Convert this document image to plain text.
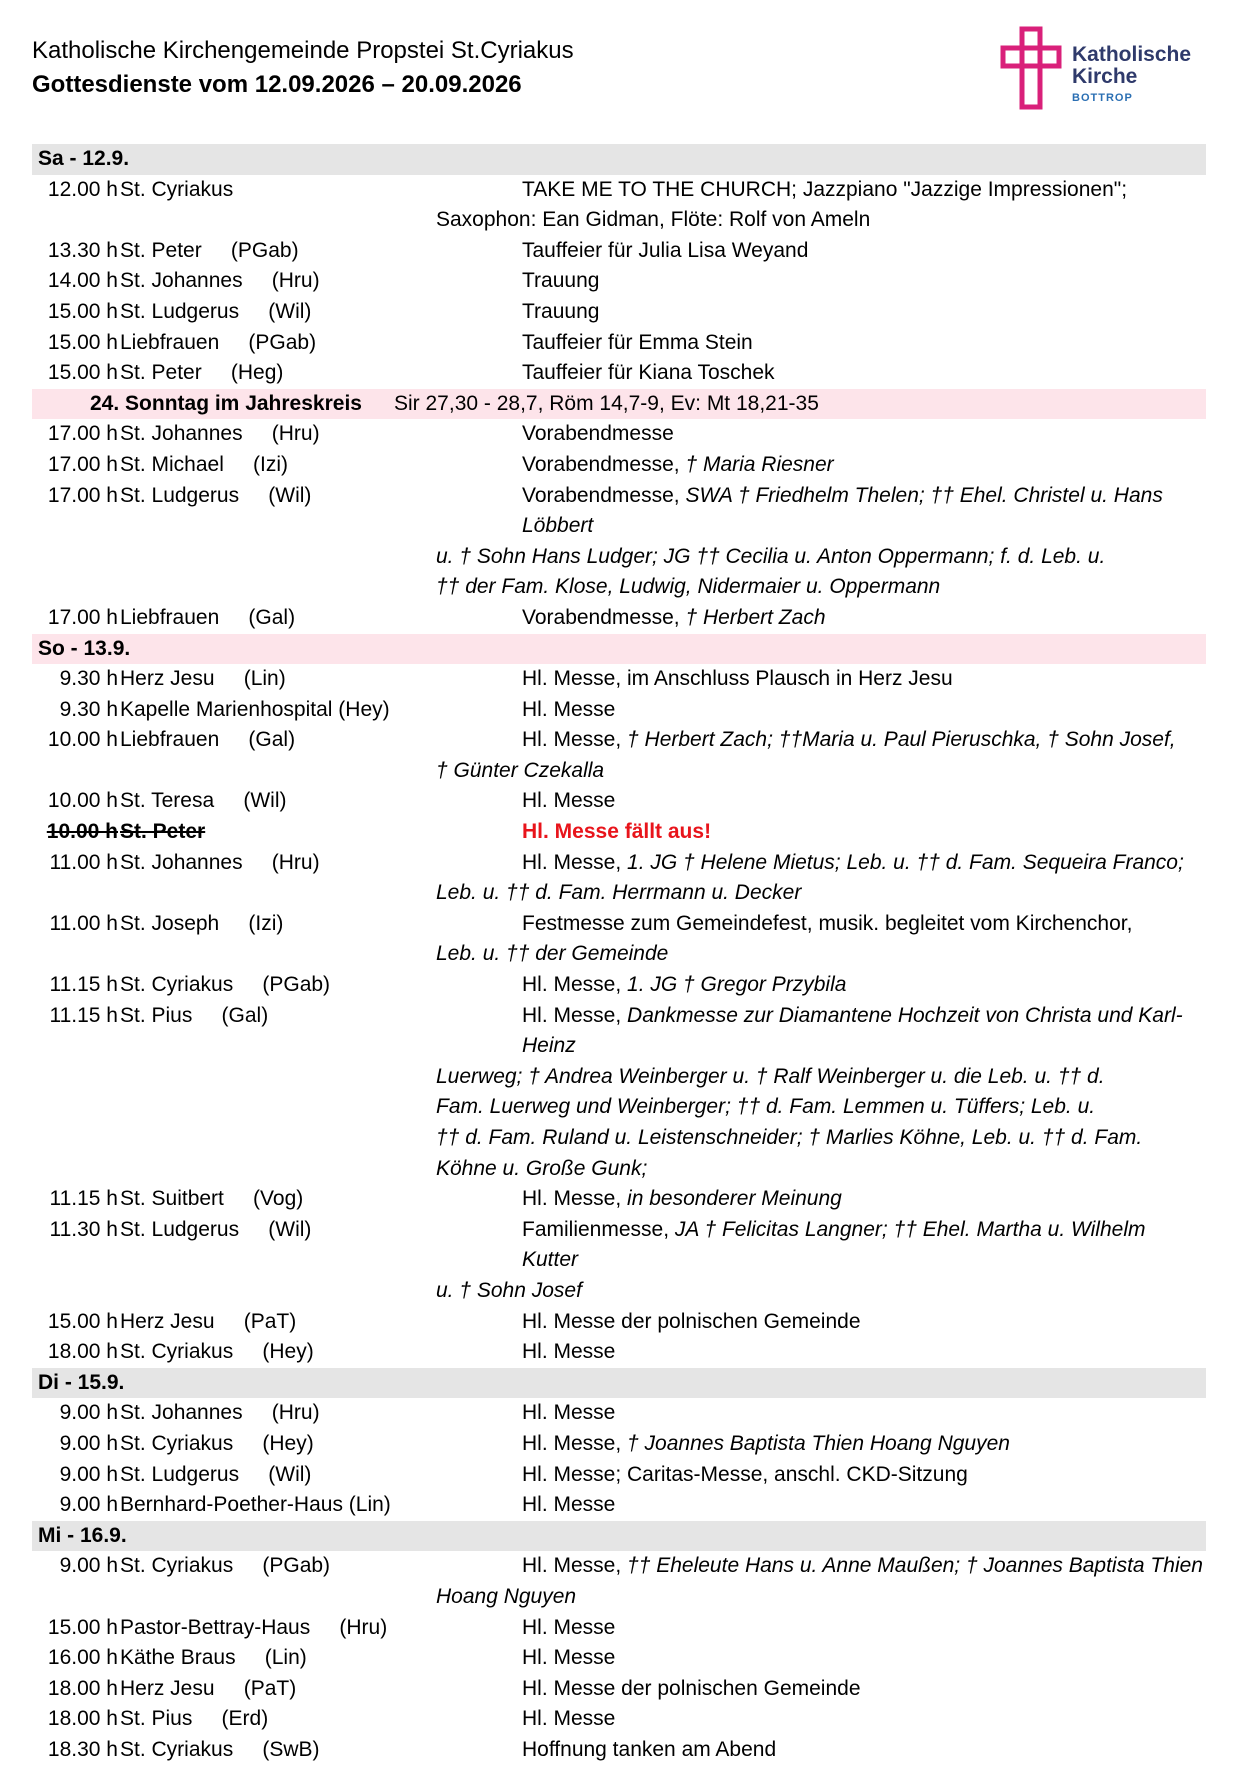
Katholische Kirchengemeinde Propstei St.Cyriakus
Gottesdienste vom 12.09.2026 – 20.09.2026
Katholische
Kirche
BOTTROP
Sa - 12.9.
12.00 h St. Cyriakus	TAKE ME TO THE CHURCH; Jazzpiano "Jazzige Impressionen";
Saxophon: Ean Gidman, Flöte: Rolf von Ameln
13.30 h St. Peter     (PGab)	Tauffeier für Julia Lisa Weyand
14.00 h St. Johannes     (Hru)	Trauung
15.00 h St. Ludgerus     (Wil)	Trauung
15.00 h Liebfrauen     (PGab)	Tauffeier für Emma Stein
15.00 h St. Peter     (Heg)	Tauffeier für Kiana Toschek
24. Sonntag im Jahreskreis Sir 27,30 - 28,7, Röm 14,7-9, Ev: Mt 18,21-35
17.00 h St. Johannes     (Hru)	Vorabendmesse
17.00 h St. Michael     (Izi)	Vorabendmesse, † Maria Riesner
17.00 h St. Ludgerus     (Wil)	Vorabendmesse, SWA † Friedhelm Thelen; †† Ehel. Christel u. Hans Löbbert
u. † Sohn Hans Ludger; JG †† Cecilia u. Anton Oppermann; f. d. Leb. u.
†† der Fam. Klose, Ludwig, Nidermaier u. Oppermann
17.00 h Liebfrauen     (Gal)	Vorabendmesse, † Herbert Zach
So - 13.9.
9.30 h Herz Jesu     (Lin)	Hl. Messe, im Anschluss Plausch in Herz Jesu
9.30 h Kapelle Marienhospital (Hey)	Hl. Messe
10.00 h Liebfrauen     (Gal)	Hl. Messe, † Herbert Zach; ††Maria u. Paul Pieruschka, † Sohn Josef,
† Günter Czekalla
10.00 h St. Teresa     (Wil)	Hl. Messe
10.00 h St. Peter	Hl. Messe fällt aus!
11.00 h St. Johannes     (Hru)	Hl. Messe, 1. JG † Helene Mietus; Leb. u. †† d. Fam. Sequeira Franco;
Leb. u. †† d. Fam. Herrmann u. Decker
11.00 h St. Joseph     (Izi)	Festmesse zum Gemeindefest, musik. begleitet vom Kirchenchor,
Leb. u. †† der Gemeinde
11.15 h St. Cyriakus     (PGab)	Hl. Messe, 1. JG † Gregor Przybila
11.15 h St. Pius     (Gal)	Hl. Messe, Dankmesse zur Diamantene Hochzeit von Christa und Karl-Heinz
Luerweg; † Andrea Weinberger u. † Ralf Weinberger u. die Leb. u. †† d.
Fam. Luerweg und Weinberger; †† d. Fam. Lemmen u. Tüffers; Leb. u.
†† d. Fam. Ruland u. Leistenschneider; † Marlies Köhne, Leb. u. †† d. Fam.
Köhne u. Große Gunk;
11.15 h St. Suitbert     (Vog)	Hl. Messe, in besonderer Meinung
11.30 h St. Ludgerus     (Wil)	Familienmesse, JA † Felicitas Langner; †† Ehel. Martha u. Wilhelm Kutter
u. † Sohn Josef
15.00 h Herz Jesu     (PaT)	Hl. Messe der polnischen Gemeinde
18.00 h St. Cyriakus     (Hey)	Hl. Messe
Di - 15.9.
9.00 h St. Johannes     (Hru)	Hl. Messe
9.00 h St. Cyriakus     (Hey)	Hl. Messe, † Joannes Baptista Thien Hoang Nguyen
9.00 h St. Ludgerus     (Wil)	Hl. Messe; Caritas-Messe, anschl. CKD-Sitzung
9.00 h Bernhard-Poether-Haus (Lin)	Hl. Messe
Mi - 16.9.
9.00 h St. Cyriakus     (PGab)	Hl. Messe, †† Eheleute Hans u. Anne Maußen; † Joannes Baptista Thien
Hoang Nguyen
15.00 h Pastor-Bettray-Haus     (Hru)	Hl. Messe
16.00 h Käthe Braus     (Lin)	Hl. Messe
18.00 h Herz Jesu     (PaT)	Hl. Messe der polnischen Gemeinde
18.00 h St. Pius     (Erd)	Hl. Messe
18.30 h St. Cyriakus     (SwB)	Hoffnung tanken am Abend
